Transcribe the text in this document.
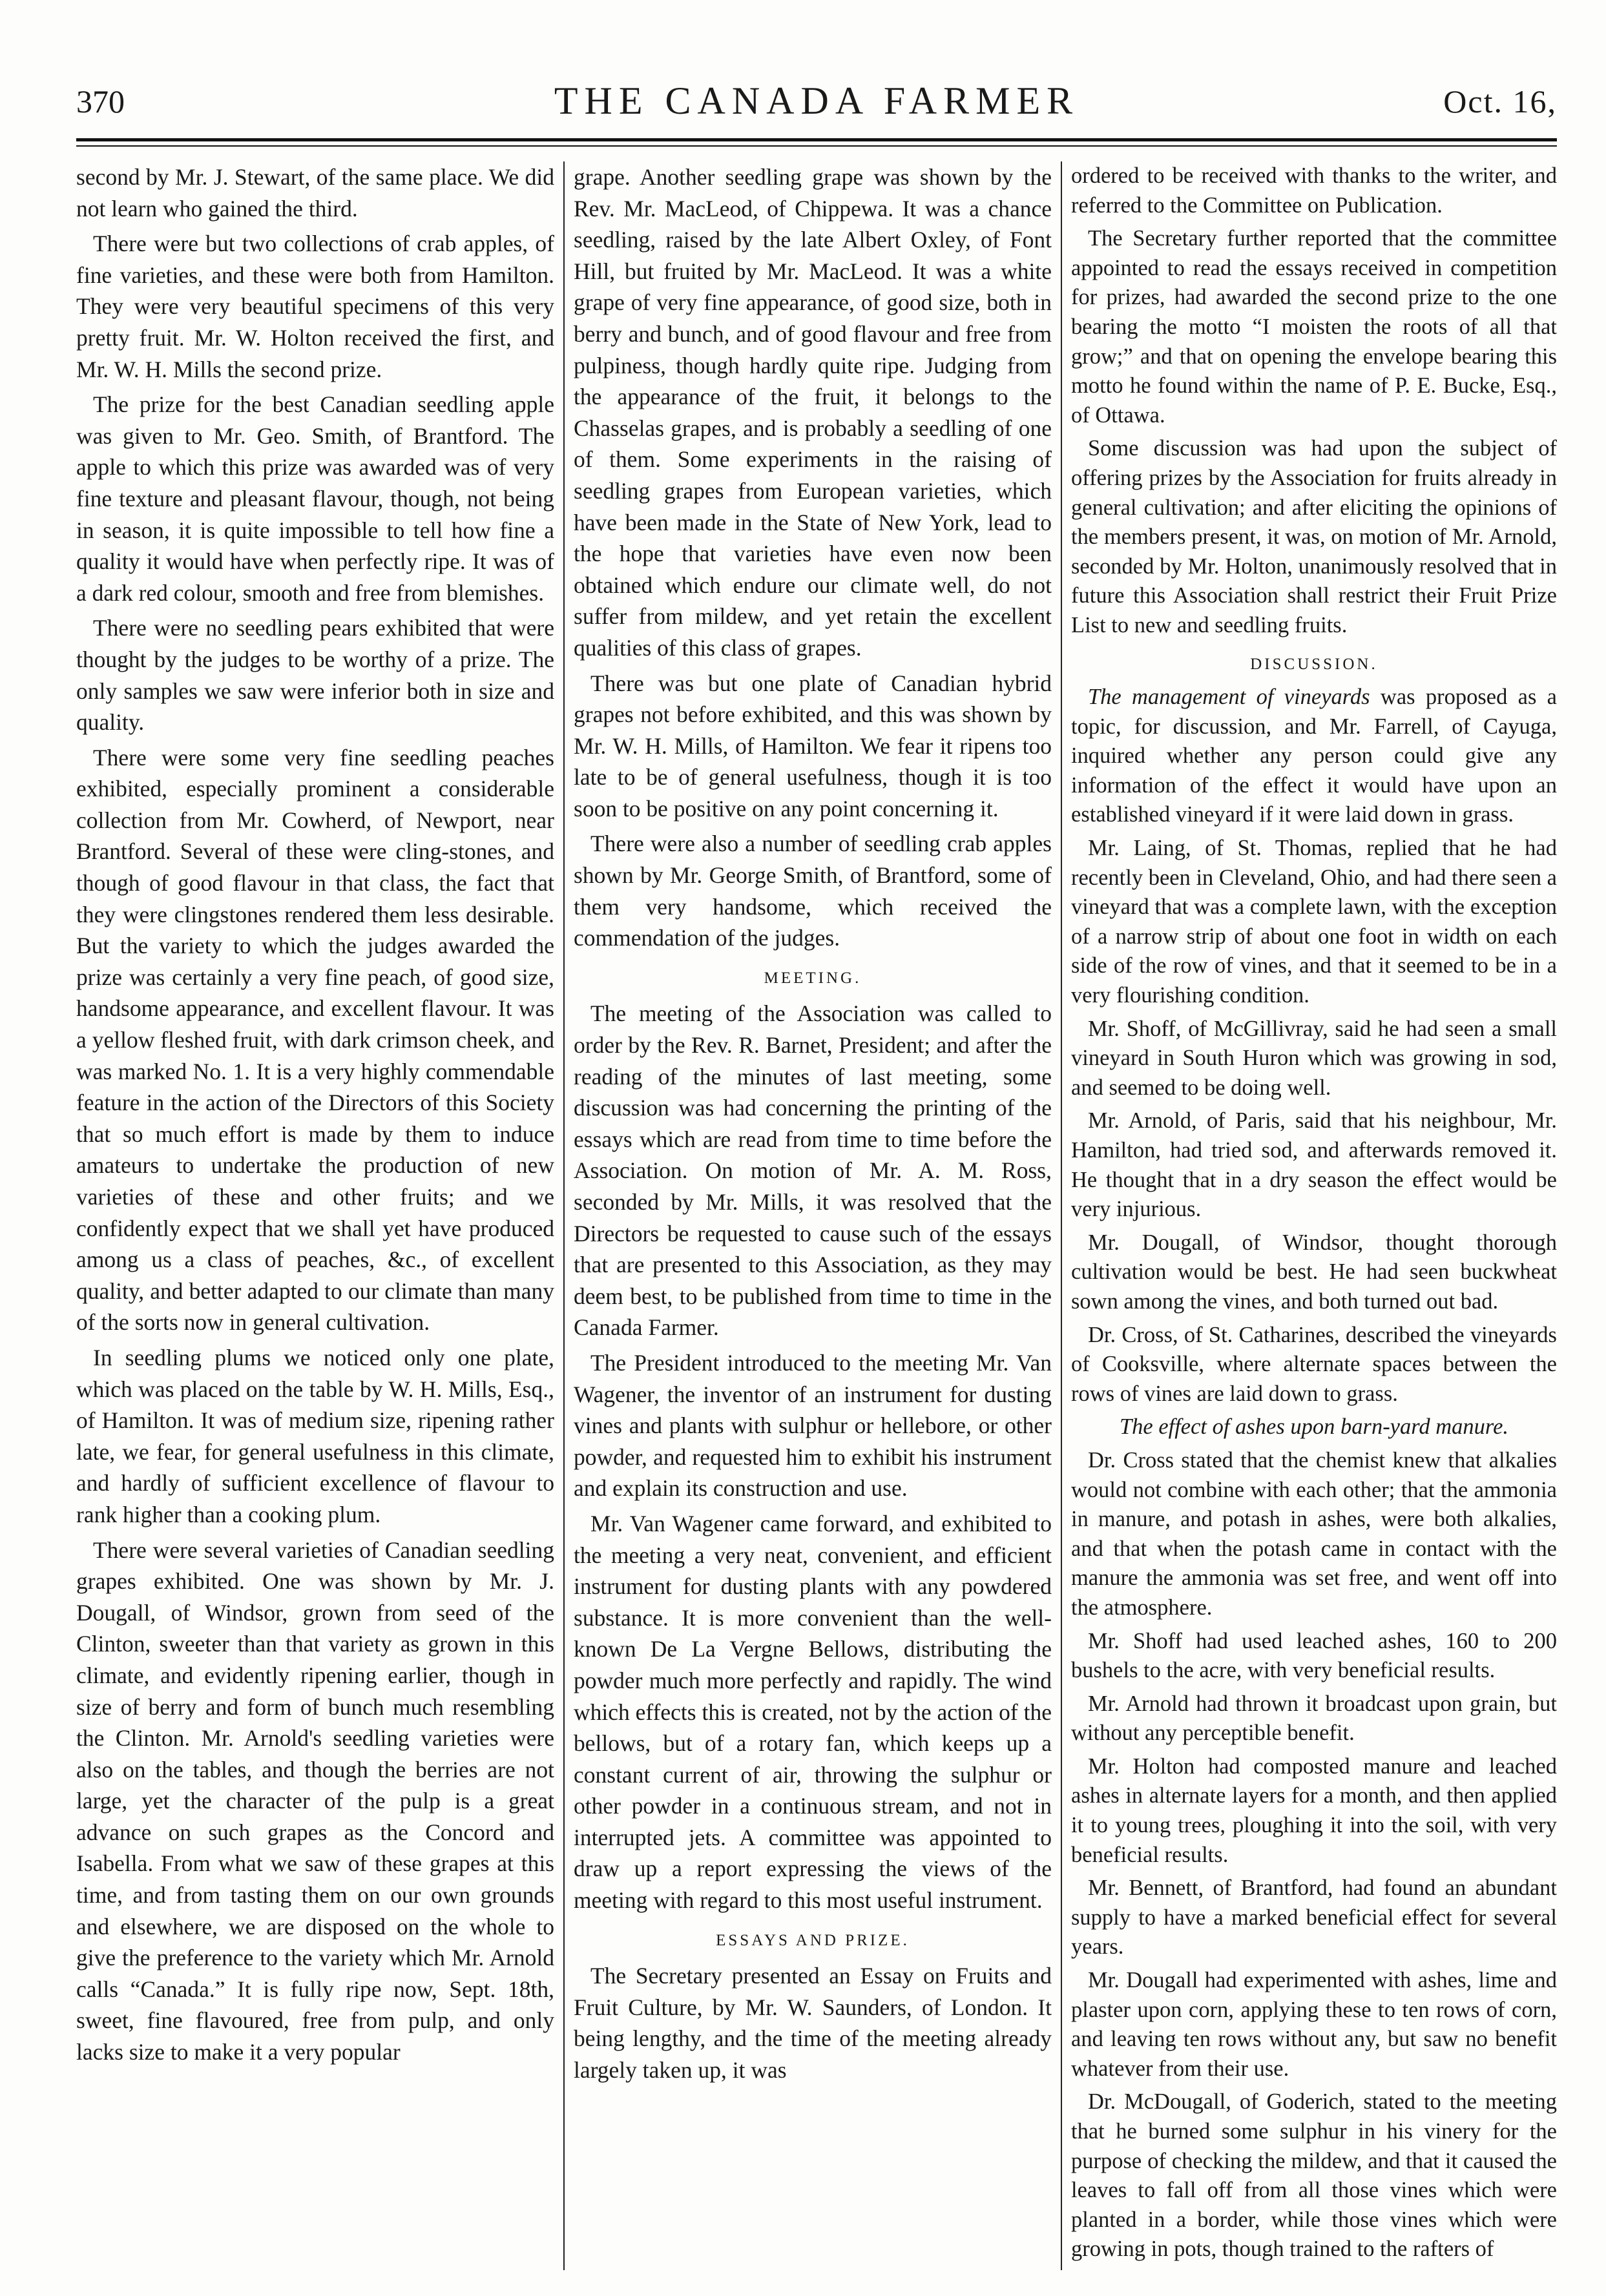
370	THE CANADA FARMER	Oct. 16,

second by Mr. J. Stewart, of the same place. We did not learn who gained the third.

There were but two collections of crab apples, of fine varieties, and these were both from Hamilton. They were very beautiful specimens of this very pretty fruit. Mr. W. Holton received the first, and Mr. W. H. Mills the second prize.

The prize for the best Canadian seedling apple was given to Mr. Geo. Smith, of Brantford. The apple to which this prize was awarded was of very fine texture and pleasant flavour, though, not being in season, it is quite impossible to tell how fine a quality it would have when perfectly ripe. It was of a dark red colour, smooth and free from blemishes.

There were no seedling pears exhibited that were thought by the judges to be worthy of a prize. The only samples we saw were inferior both in size and quality.

There were some very fine seedling peaches exhibited, especially prominent a considerable collection from Mr. Cowherd, of Newport, near Brantford. Several of these were cling-stones, and though of good flavour in that class, the fact that they were clingstones rendered them less desirable. But the variety to which the judges awarded the prize was certainly a very fine peach, of good size, handsome appearance, and excellent flavour. It was a yellow fleshed fruit, with dark crimson cheek, and was marked No. 1. It is a very highly commendable feature in the action of the Directors of this Society that so much effort is made by them to induce amateurs to undertake the production of new varieties of these and other fruits; and we confidently expect that we shall yet have produced among us a class of peaches, &c., of excellent quality, and better adapted to our climate than many of the sorts now in general cultivation.

In seedling plums we noticed only one plate, which was placed on the table by W. H. Mills, Esq., of Hamilton. It was of medium size, ripening rather late, we fear, for general usefulness in this climate, and hardly of sufficient excellence of flavour to rank higher than a cooking plum.

There were several varieties of Canadian seedling grapes exhibited. One was shown by Mr. J. Dougall, of Windsor, grown from seed of the Clinton, sweeter than that variety as grown in this climate, and evidently ripening earlier, though in size of berry and form of bunch much resembling the Clinton. Mr. Arnold's seedling varieties were also on the tables, and though the berries are not large, yet the character of the pulp is a great advance on such grapes as the Concord and Isabella. From what we saw of these grapes at this time, and from tasting them on our own grounds and elsewhere, we are disposed on the whole to give the preference to the variety which Mr. Arnold calls “Canada.” It is fully ripe now, Sept. 18th, sweet, fine flavoured, free from pulp, and only lacks size to make it a very popular

grape. Another seedling grape was shown by the Rev. Mr. MacLeod, of Chippewa. It was a chance seedling, raised by the late Albert Oxley, of Font Hill, but fruited by Mr. MacLeod. It was a white grape of very fine appearance, of good size, both in berry and bunch, and of good flavour and free from pulpiness, though hardly quite ripe. Judging from the appearance of the fruit, it belongs to the Chasselas grapes, and is probably a seedling of one of them. Some experiments in the raising of seedling grapes from European varieties, which have been made in the State of New York, lead to the hope that varieties have even now been obtained which endure our climate well, do not suffer from mildew, and yet retain the excellent qualities of this class of grapes.

There was but one plate of Canadian hybrid grapes not before exhibited, and this was shown by Mr. W. H. Mills, of Hamilton. We fear it ripens too late to be of general usefulness, though it is too soon to be positive on any point concerning it.

There were also a number of seedling crab apples shown by Mr. George Smith, of Brantford, some of them very handsome, which received the commendation of the judges.

MEETING.

The meeting of the Association was called to order by the Rev. R. Barnet, President; and after the reading of the minutes of last meeting, some discussion was had concerning the printing of the essays which are read from time to time before the Association. On motion of Mr. A. M. Ross, seconded by Mr. Mills, it was resolved that the Directors be requested to cause such of the essays that are presented to this Association, as they may deem best, to be published from time to time in the Canada Farmer.

The President introduced to the meeting Mr. Van Wagener, the inventor of an instrument for dusting vines and plants with sulphur or hellebore, or other powder, and requested him to exhibit his instrument and explain its construction and use.

Mr. Van Wagener came forward, and exhibited to the meeting a very neat, convenient, and efficient instrument for dusting plants with any powdered substance. It is more convenient than the well-known De La Vergne Bellows, distributing the powder much more perfectly and rapidly. The wind which effects this is created, not by the action of the bellows, but of a rotary fan, which keeps up a constant current of air, throwing the sulphur or other powder in a continuous stream, and not in interrupted jets. A committee was appointed to draw up a report expressing the views of the meeting with regard to this most useful instrument.

ESSAYS AND PRIZE.

The Secretary presented an Essay on Fruits and Fruit Culture, by Mr. W. Saunders, of London. It being lengthy, and the time of the meeting already largely taken up, it was

ordered to be received with thanks to the writer, and referred to the Committee on Publication.

The Secretary further reported that the committee appointed to read the essays received in competition for prizes, had awarded the second prize to the one bearing the motto “I moisten the roots of all that grow;” and that on opening the envelope bearing this motto he found within the name of P. E. Bucke, Esq., of Ottawa.

Some discussion was had upon the subject of offering prizes by the Association for fruits already in general cultivation; and after eliciting the opinions of the members present, it was, on motion of Mr. Arnold, seconded by Mr. Holton, unanimously resolved that in future this Association shall restrict their Fruit Prize List to new and seedling fruits.

DISCUSSION.

The management of vineyards was proposed as a topic, for discussion, and Mr. Farrell, of Cayuga, inquired whether any person could give any information of the effect it would have upon an established vineyard if it were laid down in grass.

Mr. Laing, of St. Thomas, replied that he had recently been in Cleveland, Ohio, and had there seen a vineyard that was a complete lawn, with the exception of a narrow strip of about one foot in width on each side of the row of vines, and that it seemed to be in a very flourishing condition.

Mr. Shoff, of McGillivray, said he had seen a small vineyard in South Huron which was growing in sod, and seemed to be doing well.

Mr. Arnold, of Paris, said that his neighbour, Mr. Hamilton, had tried sod, and afterwards removed it. He thought that in a dry season the effect would be very injurious.

Mr. Dougall, of Windsor, thought thorough cultivation would be best. He had seen buckwheat sown among the vines, and both turned out bad.

Dr. Cross, of St. Catharines, described the vineyards of Cooksville, where alternate spaces between the rows of vines are laid down to grass.

The effect of ashes upon barn-yard manure.

Dr. Cross stated that the chemist knew that alkalies would not combine with each other; that the ammonia in manure, and potash in ashes, were both alkalies, and that when the potash came in contact with the manure the ammonia was set free, and went off into the atmosphere.

Mr. Shoff had used leached ashes, 160 to 200 bushels to the acre, with very beneficial results.

Mr. Arnold had thrown it broadcast upon grain, but without any perceptible benefit.

Mr. Holton had composted manure and leached ashes in alternate layers for a month, and then applied it to young trees, ploughing it into the soil, with very beneficial results.

Mr. Bennett, of Brantford, had found an abundant supply to have a marked beneficial effect for several years.

Mr. Dougall had experimented with ashes, lime and plaster upon corn, applying these to ten rows of corn, and leaving ten rows without any, but saw no benefit whatever from their use.

Dr. McDougall, of Goderich, stated to the meeting that he burned some sulphur in his vinery for the purpose of checking the mildew, and that it caused the leaves to fall off from all those vines which were planted in a border, while those vines which were growing in pots, though trained to the rafters of
